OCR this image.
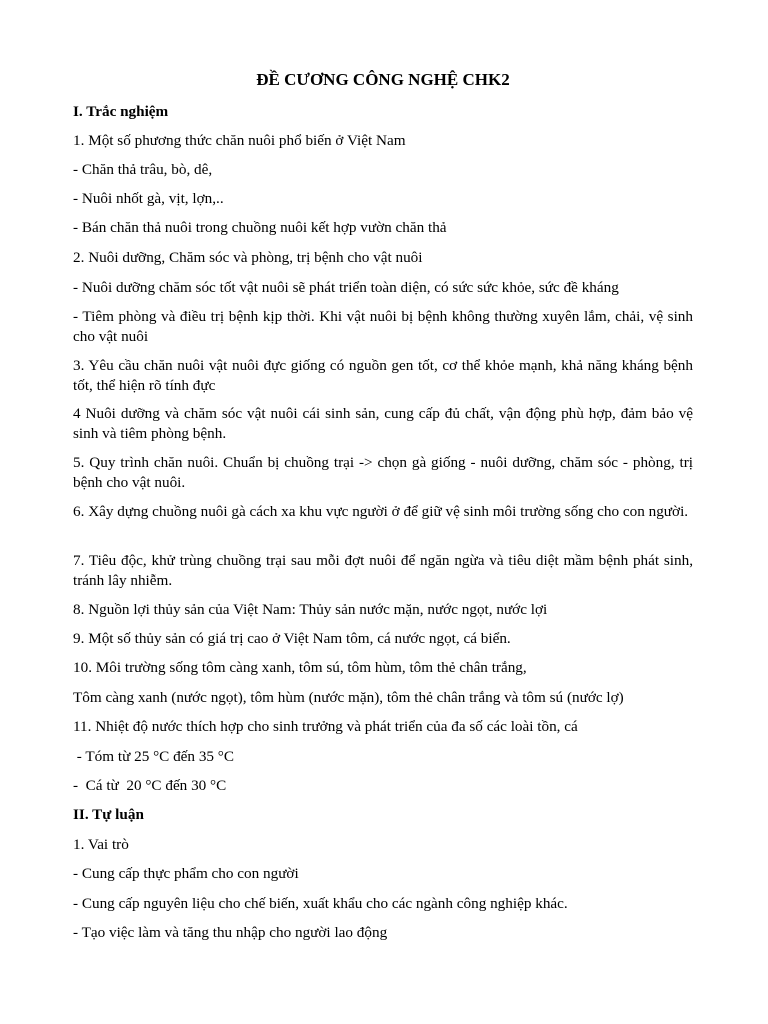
ĐỀ CƯƠNG CÔNG NGHỆ CHK2

I. Trắc nghiệm

1. Một số phương thức chăn nuôi phổ biến ở Việt Nam

- Chăn thả trâu, bò, dê,

- Nuôi nhốt gà, vịt, lợn,..

- Bán chăn thả nuôi trong chuồng nuôi kết hợp vườn chăn thả

2. Nuôi dưỡng, Chăm sóc và phòng, trị bệnh cho vật nuôi

- Nuôi dưỡng chăm sóc tốt vật nuôi sẽ phát triển toàn diện, có sức sức khỏe, sức đề kháng

- Tiêm phòng và điều trị bệnh kịp thời. Khi vật nuôi bị bệnh không thường xuyên lắm, chải, vệ sinh cho vật nuôi

3. Yêu cầu chăn nuôi vật nuôi đực giống có nguồn gen tốt, cơ thể khỏe mạnh, khả năng kháng bệnh tốt, thể hiện rõ tính đực

4 Nuôi dưỡng và chăm sóc vật nuôi cái sinh sản, cung cấp đủ chất, vận động phù hợp, đảm bảo vệ sinh và tiêm phòng bệnh.

5. Quy trình chăn nuôi. Chuẩn bị chuồng trại -> chọn gà giống - nuôi dưỡng, chăm sóc - phòng, trị bệnh cho vật nuôi.

6. Xây dựng chuồng nuôi gà cách xa khu vực người ở để giữ vệ sinh môi trường sống cho con người.

7. Tiêu độc, khử trùng chuồng trại sau mỗi đợt nuôi để ngăn ngừa và tiêu diệt mầm bệnh phát sinh, tránh lây nhiễm.

8. Nguồn lợi thủy sản của Việt Nam: Thủy sản nước mặn, nước ngọt, nước lợi

9. Một số thủy sản có giá trị cao ở Việt Nam tôm, cá nước ngọt, cá biển.

10. Môi trường sống tôm càng xanh, tôm sú, tôm hùm, tôm thẻ chân trắng,

Tôm càng xanh (nước ngọt), tôm hùm (nước mặn), tôm thẻ chân trắng và tôm sú (nước lợ)

11. Nhiệt độ nước thích hợp cho sinh trưởng và phát triển của đa số các loài tồn, cá

- Tóm từ 25 °C đến 35 °C

-  Cá từ  20 °C đến 30 °C

II. Tự luận

1. Vai trò

- Cung cấp thực phẩm cho con người

- Cung cấp nguyên liệu cho chế biến, xuất khẩu cho các ngành công nghiệp khác.

- Tạo việc làm và tăng thu nhập cho người lao động
